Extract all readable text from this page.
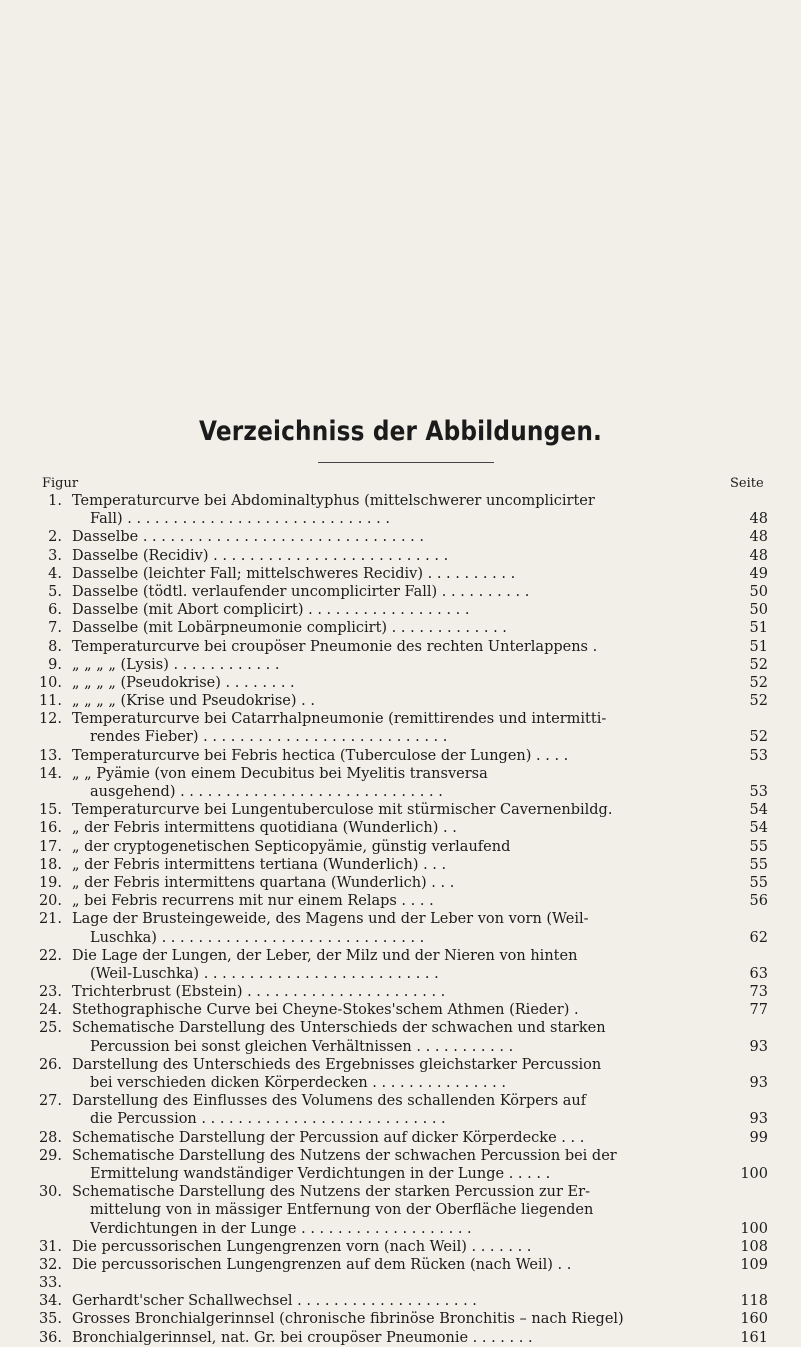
Verzeichniss der Abbildungen.
Figur	Seite
1. Temperaturcurve bei Abdominaltyphus (mittelschwerer uncomplicirter
Fall) . . . . . . . . . . . . . . . . . . . . . . . . . . . . .	48
2. Dasselbe . . . . . . . . . . . . . . . . . . . . . . . . . . . . . . .	48
3. Dasselbe (Recidiv) . . . . . . . . . . . . . . . . . . . . . . . . . .	48
4. Dasselbe (leichter Fall; mittelschweres Recidiv) . . . . . . . . . .	49
5. Dasselbe (tödtl. verlaufender uncomplicirter Fall) . . . . . . . . . .	50
6. Dasselbe (mit Abort complicirt) . . . . . . . . . . . . . . . . . .	50
7. Dasselbe (mit Lobärpneumonie complicirt) . . . . . . . . . . . . .	51
8. Temperaturcurve bei croupöser Pneumonie des rechten Unterlappens .	51
9. „ „ „ „ (Lysis) . . . . . . . . . . . .	52
10. „ „ „ „ (Pseudokrise) . . . . . . . .	52
11. „ „ „ „ (Krise und Pseudokrise) . .	52
12. Temperaturcurve bei Catarrhalpneumonie (remittirendes und intermitti-
rendes Fieber) . . . . . . . . . . . . . . . . . . . . . . . . . . .	52
13. Temperaturcurve bei Febris hectica (Tuberculose der Lungen) . . . .	53
14. „ „ Pyämie (von einem Decubitus bei Myelitis transversa
ausgehend) . . . . . . . . . . . . . . . . . . . . . . . . . . . . .	53
15. Temperaturcurve bei Lungentuberculose mit stürmischer Cavernenbildg.	54
16. „ der Febris intermittens quotidiana (Wunderlich) . .	54
17. „ der cryptogenetischen Septicopyämie, günstig verlaufend	55
18. „ der Febris intermittens tertiana (Wunderlich) . . .	55
19. „ der Febris intermittens quartana (Wunderlich) . . .	55
20. „ bei Febris recurrens mit nur einem Relaps . . . .	56
21. Lage der Brusteingeweide, des Magens und der Leber von vorn (Weil-
Luschka) . . . . . . . . . . . . . . . . . . . . . . . . . . . . .	62
22. Die Lage der Lungen, der Leber, der Milz und der Nieren von hinten
(Weil-Luschka) . . . . . . . . . . . . . . . . . . . . . . . . . .	63
23. Trichterbrust (Ebstein) . . . . . . . . . . . . . . . . . . . . . .	73
24. Stethographische Curve bei Cheyne-Stokes'schem Athmen (Rieder) .	77
25. Schematische Darstellung des Unterschieds der schwachen und starken
Percussion bei sonst gleichen Verhältnissen . . . . . . . . . . .	93
26. Darstellung des Unterschieds des Ergebnisses gleichstarker Percussion
bei verschieden dicken Körperdecken . . . . . . . . . . . . . . .	93
27. Darstellung des Einflusses des Volumens des schallenden Körpers auf
die Percussion . . . . . . . . . . . . . . . . . . . . . . . . . . .	93
28. Schematische Darstellung der Percussion auf dicker Körperdecke . . .	99
29. Schematische Darstellung des Nutzens der schwachen Percussion bei der
Ermittelung wandständiger Verdichtungen in der Lunge . . . . .	100
30. Schematische Darstellung des Nutzens der starken Percussion zur Er-
mittelung von in mässiger Entfernung von der Oberfläche liegenden
Verdichtungen in der Lunge . . . . . . . . . . . . . . . . . . .	100
31. Die percussorischen Lungengrenzen vorn (nach Weil) . . . . . . .	108
32. Die percussorischen Lungengrenzen auf dem Rücken (nach Weil) . .	109
33.
34. Gerhardt'scher Schallwechsel . . . . . . . . . . . . . . . . . . . .	118
35. Grosses Bronchialgerinnsel (chronische fibrinöse Bronchitis – nach Riegel)	160
36. Bronchialgerinnsel, nat. Gr. bei croupöser Pneumonie . . . . . . .	161
